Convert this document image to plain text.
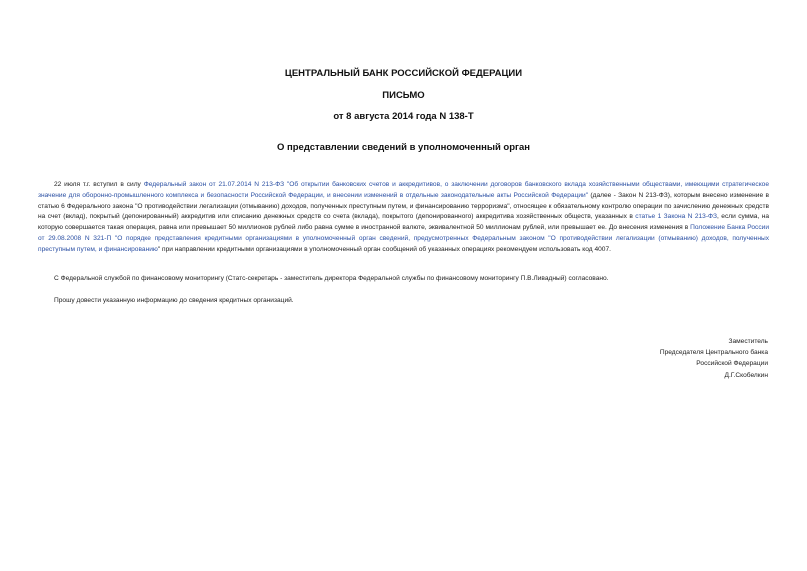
ЦЕНТРАЛЬНЫЙ БАНК РОССИЙСКОЙ ФЕДЕРАЦИИ
ПИСЬМО
от 8 августа 2014 года N 138-Т
О представлении сведений в уполномоченный орган

22 июля т.г. вступил в силу Федеральный закон от 21.07.2014 N 213-ФЗ "Об открытии банковских счетов и аккредитивов, о заключении договоров банковского вклада хозяйственными обществами, имеющими стратегическое значение для оборонно-промышленного комплекса и безопасности Российской Федерации, и внесении изменений в отдельные законодательные акты Российской Федерации" (далее - Закон N 213-ФЗ), которым внесено изменение в статью 6 Федерального закона "О противодействии легализации (отмыванию) доходов, полученных преступным путем, и финансированию терроризма", относящее к обязательному контролю операции по зачислению денежных средств на счет (вклад), покрытый (депонированный) аккредитив или списанию денежных средств со счета (вклада), покрытого (депонированного) аккредитива хозяйственных обществ, указанных в статье 1 Закона N 213-ФЗ, если сумма, на которую совершается такая операция, равна или превышает 50 миллионов рублей либо равна сумме в иностранной валюте, эквивалентной 50 миллионам рублей, или превышает ее. До внесения изменения в Положение Банка России от 29.08.2008 N 321-П "О порядке представления кредитными организациями в уполномоченный орган сведений, предусмотренных Федеральным законом "О противодействии легализации (отмыванию) доходов, полученных преступным путем, и финансированию" при направлении кредитными организациями в уполномоченный орган сообщений об указанных операциях рекомендуем использовать код 4007.

С Федеральной службой по финансовому мониторингу (Статс-секретарь - заместитель директора Федеральной службы по финансовому мониторингу П.В.Ливадный) согласовано.

Прошу довести указанную информацию до сведения кредитных организаций.

Заместитель
Председателя Центрального банка
Российской Федерации
Д.Г.Скобелкин
